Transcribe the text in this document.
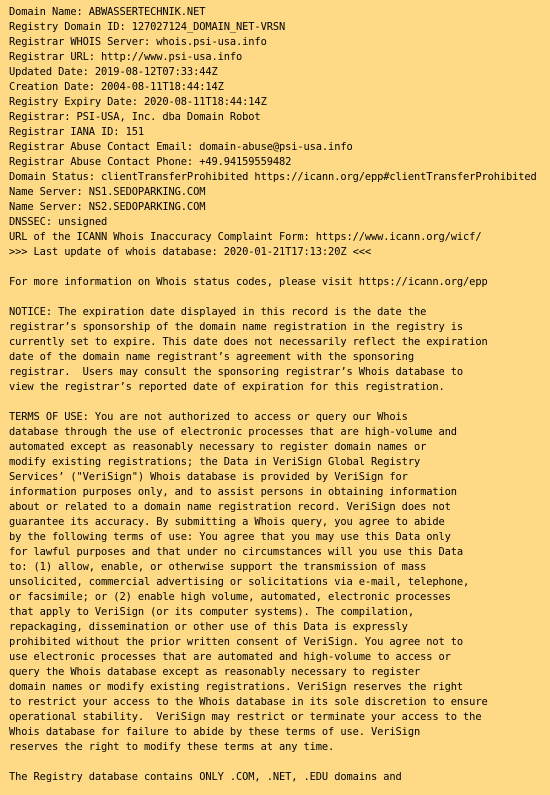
Domain Name: ABWASSERTECHNIK.NET
Registry Domain ID: 127027124_DOMAIN_NET-VRSN
Registrar WHOIS Server: whois.psi-usa.info
Registrar URL: http://www.psi-usa.info
Updated Date: 2019-08-12T07:33:44Z
Creation Date: 2004-08-11T18:44:14Z
Registry Expiry Date: 2020-08-11T18:44:14Z
Registrar: PSI-USA, Inc. dba Domain Robot
Registrar IANA ID: 151
Registrar Abuse Contact Email: domain-abuse@psi-usa.info
Registrar Abuse Contact Phone: +49.94159559482
Domain Status: clientTransferProhibited https://icann.org/epp#clientTransferProhibited
Name Server: NS1.SEDOPARKING.COM
Name Server: NS2.SEDOPARKING.COM
DNSSEC: unsigned
URL of the ICANN Whois Inaccuracy Complaint Form: https://www.icann.org/wicf/
>>> Last update of whois database: 2020-01-21T17:13:20Z <<<
For more information on Whois status codes, please visit https://icann.org/epp
NOTICE: The expiration date displayed in this record is the date the
registrar’s sponsorship of the domain name registration in the registry is
currently set to expire. This date does not necessarily reflect the expiration
date of the domain name registrant’s agreement with the sponsoring
registrar.  Users may consult the sponsoring registrar’s Whois database to
view the registrar’s reported date of expiration for this registration.
TERMS OF USE: You are not authorized to access or query our Whois
database through the use of electronic processes that are high-volume and
automated except as reasonably necessary to register domain names or
modify existing registrations; the Data in VeriSign Global Registry
Services’ ("VeriSign") Whois database is provided by VeriSign for
information purposes only, and to assist persons in obtaining information
about or related to a domain name registration record. VeriSign does not
guarantee its accuracy. By submitting a Whois query, you agree to abide
by the following terms of use: You agree that you may use this Data only
for lawful purposes and that under no circumstances will you use this Data
to: (1) allow, enable, or otherwise support the transmission of mass
unsolicited, commercial advertising or solicitations via e-mail, telephone,
or facsimile; or (2) enable high volume, automated, electronic processes
that apply to VeriSign (or its computer systems). The compilation,
repackaging, dissemination or other use of this Data is expressly
prohibited without the prior written consent of VeriSign. You agree not to
use electronic processes that are automated and high-volume to access or
query the Whois database except as reasonably necessary to register
domain names or modify existing registrations. VeriSign reserves the right
to restrict your access to the Whois database in its sole discretion to ensure
operational stability.  VeriSign may restrict or terminate your access to the
Whois database for failure to abide by these terms of use. VeriSign
reserves the right to modify these terms at any time.
The Registry database contains ONLY .COM, .NET, .EDU domains and
